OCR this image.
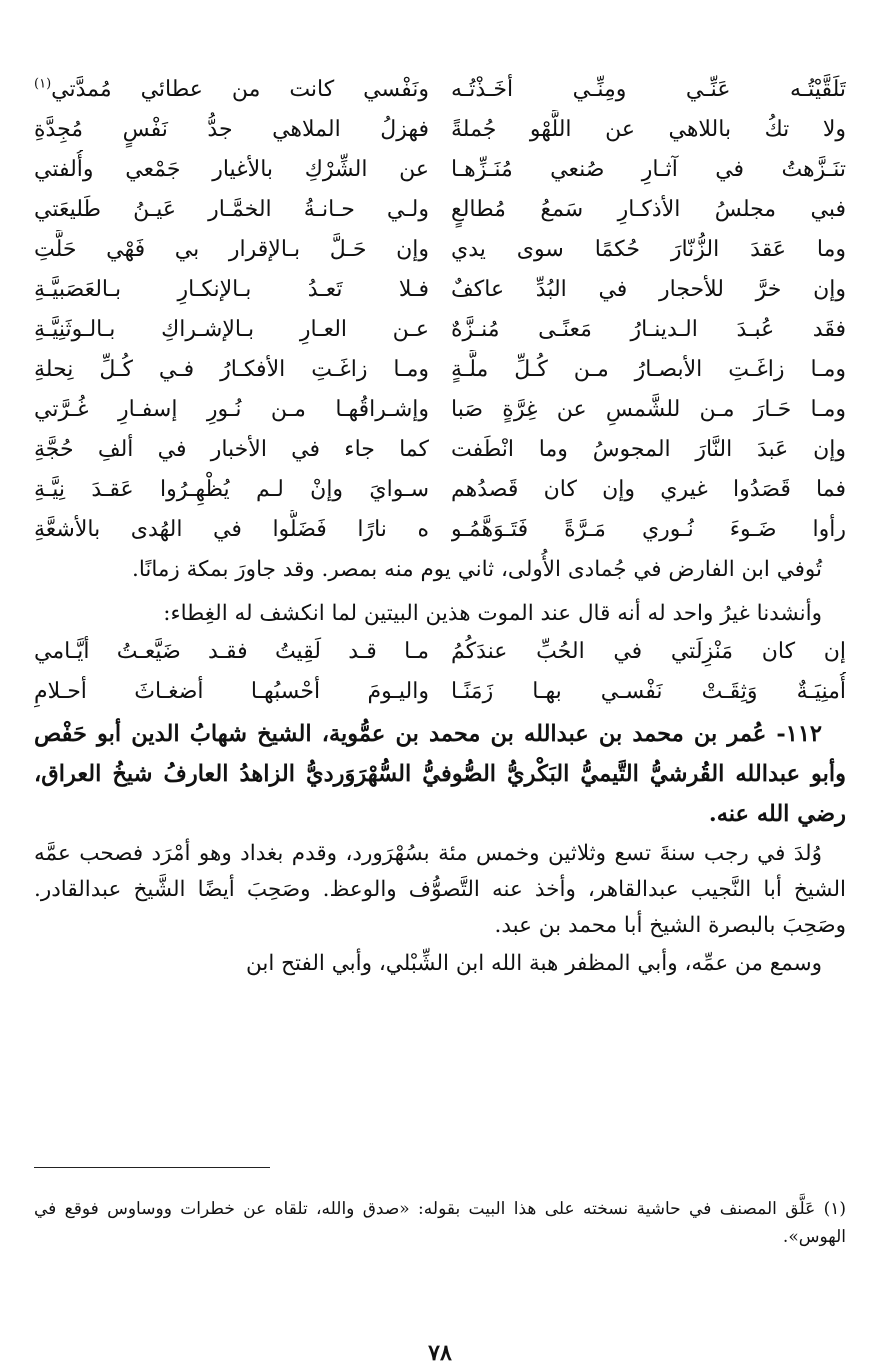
تَلَقَّيْتُـه عَنِّـي ومِنِّـي أخَـذْتُـه
ونَفْسي كانت من عطائي مُمدَّتي$^{(١)}$
ولا تكُ باللاهي عن اللَّهْو جُملةً
فهزلُ الملاهي جدُّ نَفْسٍ مُجِدَّةِ
تنَـزَّهتُ في آثـارِ صُنعي مُنَـزِّهـا
عن الشِّرْكِ بالأغيار جَمْعي وأُلفتي
فبي مجلسُ الأذكـارِ سَمعُ مُطالعٍ
ولـي حـانـةُ الخمَّـار عَيـنُ طَليعَتي
وما عَقدَ الزُّنّارَ حُكمًا سوى يدي
وإن حَـلَّ بـالإقرار بي فَهْي حَلَّتِ
وإن خرَّ للأحجار في البُدِّ عاكفٌ
فـلا تَعـدُ بـالإنكـارِ بـالعَصَبيَّـةِ
فقَد عُبـدَ الـدينـارُ مَعنًـى مُنـزَّهٌ
عـن العـارِ بـالإشـراكِ بـالـوثَنِيَّـةِ
ومـا زاغَـتِ الأبصـارُ مـن كُـلِّ ملَّـةٍ
ومـا زاغَـتِ الأفكـارُ فـي كُـلِّ نِحلةِ
ومـا حَـارَ مـن للشَّمسِ عن غِرَّةٍ صَبا
وإشـراقُهـا مـن نُـورِ إسفـارِ غُـرَّتي
وإن عَبدَ النَّارَ المجوسُ وما انْطَفت
كما جاء في الأخبار في ألفِ حُجَّةِ
فما قَصَدُوا غيري وإن كان قَصدُهم
سـوايَ وإنْ لـم يُظْهِـرُوا عَقـدَ نِيَّـةِ
رأوا ضَـوءَ نُـوري مَـرَّةً فَتَـوَهَّمُـو
ه نارًا فَضَلُّوا في الهُدى بالأشعَّةِ

تُوفي ابن الفارض في جُمادى الأُولى، ثاني يوم منه بمصر. وقد جاورَ بمكة زمانًا.

وأنشدنا غيرُ واحد له أنه قال عند الموت هذين البيتين لما انكشف له الغِطاء:

إن كان مَنْزِلَتي في الحُبِّ عندَكُمُ
مـا قـد لَقِيتُ فقـد ضَيَّعـتُ أيَّـامي
أُمنِيَـةٌ وَثِقَـتْ نَفْسـي بهـا زَمَنًـا
واليـومَ أحْسبُهـا أضغـاثَ أحـلامِ

١١٢- عُمر بن محمد بن عبدالله بن محمد بن عمُّوية، الشيخ شهابُ الدين أبو حَفْص وأبو عبدالله القُرشيُّ التَّيميُّ البَكْريُّ الصُّوفيُّ السُّهْرَوَرديُّ الزاهدُ العارفُ شيخُ العراق، رضي الله عنه.

وُلدَ في رجب سنةَ تسع وثلاثين وخمس مئة بسُهْرَورد، وقدم بغداد وهو أمْرَد فصحب عمَّه الشيخ أبا النَّجيب عبدالقاهر، وأخذ عنه التَّصوُّف والوعظ. وصَحِبَ أيضًا الشَّيخ عبدالقادر. وصَحِبَ بالبصرة الشيخ أبا محمد بن عبد.

وسمع من عمِّه، وأبي المظفر هبة الله ابن الشِّبْلي، وأبي الفتح ابن

(١) عَلَّق المصنف في حاشية نسخته على هذا البيت بقوله: «صدق والله، تلقاه عن خطرات ووساوس فوقع في الهوس».

٧٨
